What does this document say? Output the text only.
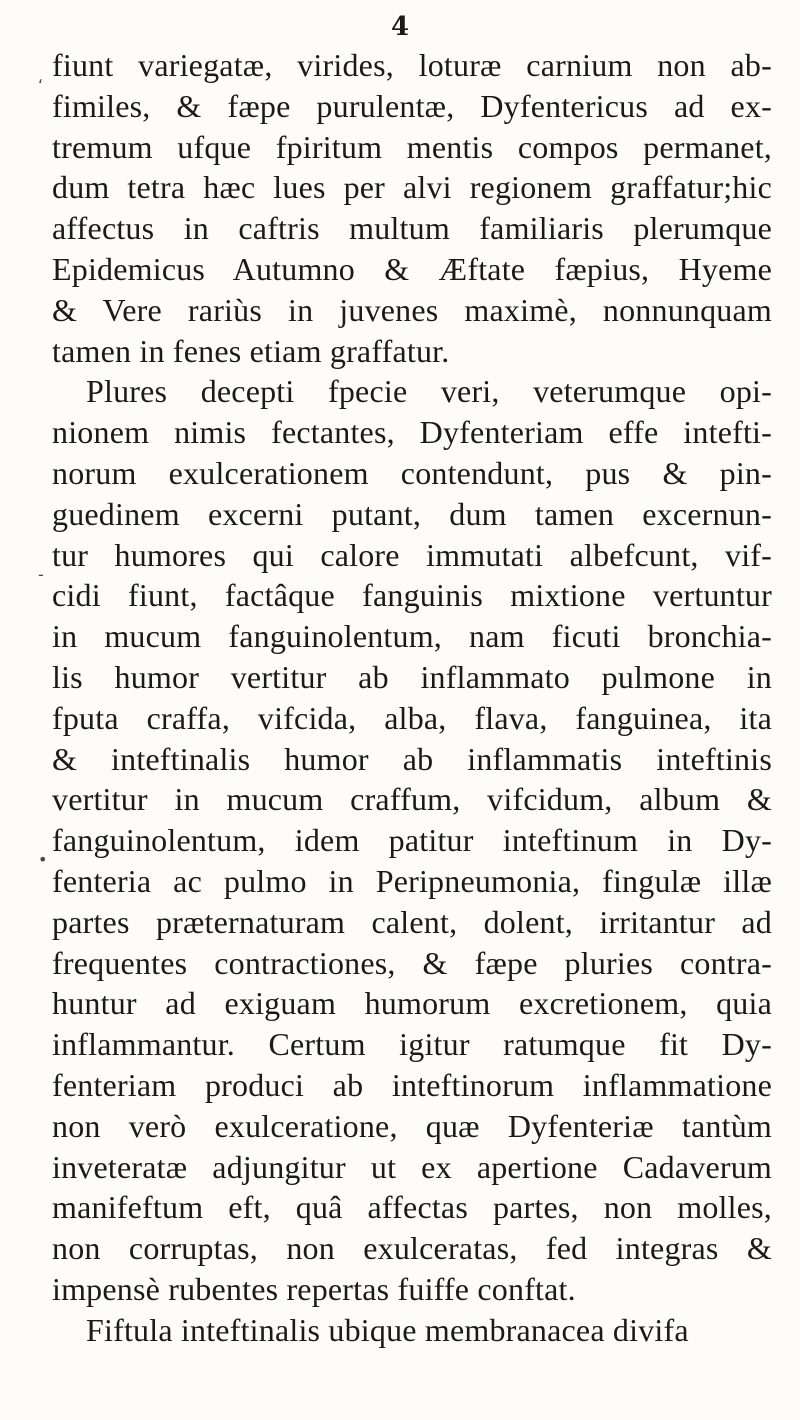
4
ʻ
-
•
fiunt variegatæ, virides, loturæ carnium non ab-
fimiles, & fæpe purulentæ, Dyfentericus ad ex-
tremum ufque fpiritum mentis compos permanet,
dum tetra hæc lues per alvi regionem graffatur;hic
affectus in caftris multum familiaris plerumque
Epidemicus Autumno & Æftate fæpius, Hyeme
& Vere rariùs in juvenes maximè, nonnunquam
tamen in fenes etiam graffatur.
Plures decepti fpecie veri, veterumque opi-
nionem nimis fectantes, Dyfenteriam effe intefti-
norum exulcerationem contendunt, pus & pin-
guedinem excerni putant, dum tamen excernun-
tur humores qui calore immutati albefcunt, vif-
cidi fiunt, factâque fanguinis mixtione vertuntur
in mucum fanguinolentum, nam ficuti bronchia-
lis humor vertitur ab inflammato pulmone in
fputa craffa, vifcida, alba, flava, fanguinea, ita
& inteftinalis humor ab inflammatis inteftinis
vertitur in mucum craffum, vifcidum, album &
fanguinolentum, idem patitur inteftinum in Dy-
fenteria ac pulmo in Peripneumonia, fingulæ illæ
partes præternaturam calent, dolent, irritantur ad
frequentes contractiones, & fæpe pluries contra-
huntur ad exiguam humorum excretionem, quia
inflammantur. Certum igitur ratumque fit Dy-
fenteriam produci ab inteftinorum inflammatione
non verò exulceratione, quæ Dyfenteriæ tantùm
inveteratæ adjungitur ut ex apertione Cadaverum
manifeftum eft, quâ affectas partes, non molles,
non corruptas, non exulceratas, fed integras &
impensè rubentes repertas fuiffe conftat.
Fiftula inteftinalis ubique membranacea divifa
